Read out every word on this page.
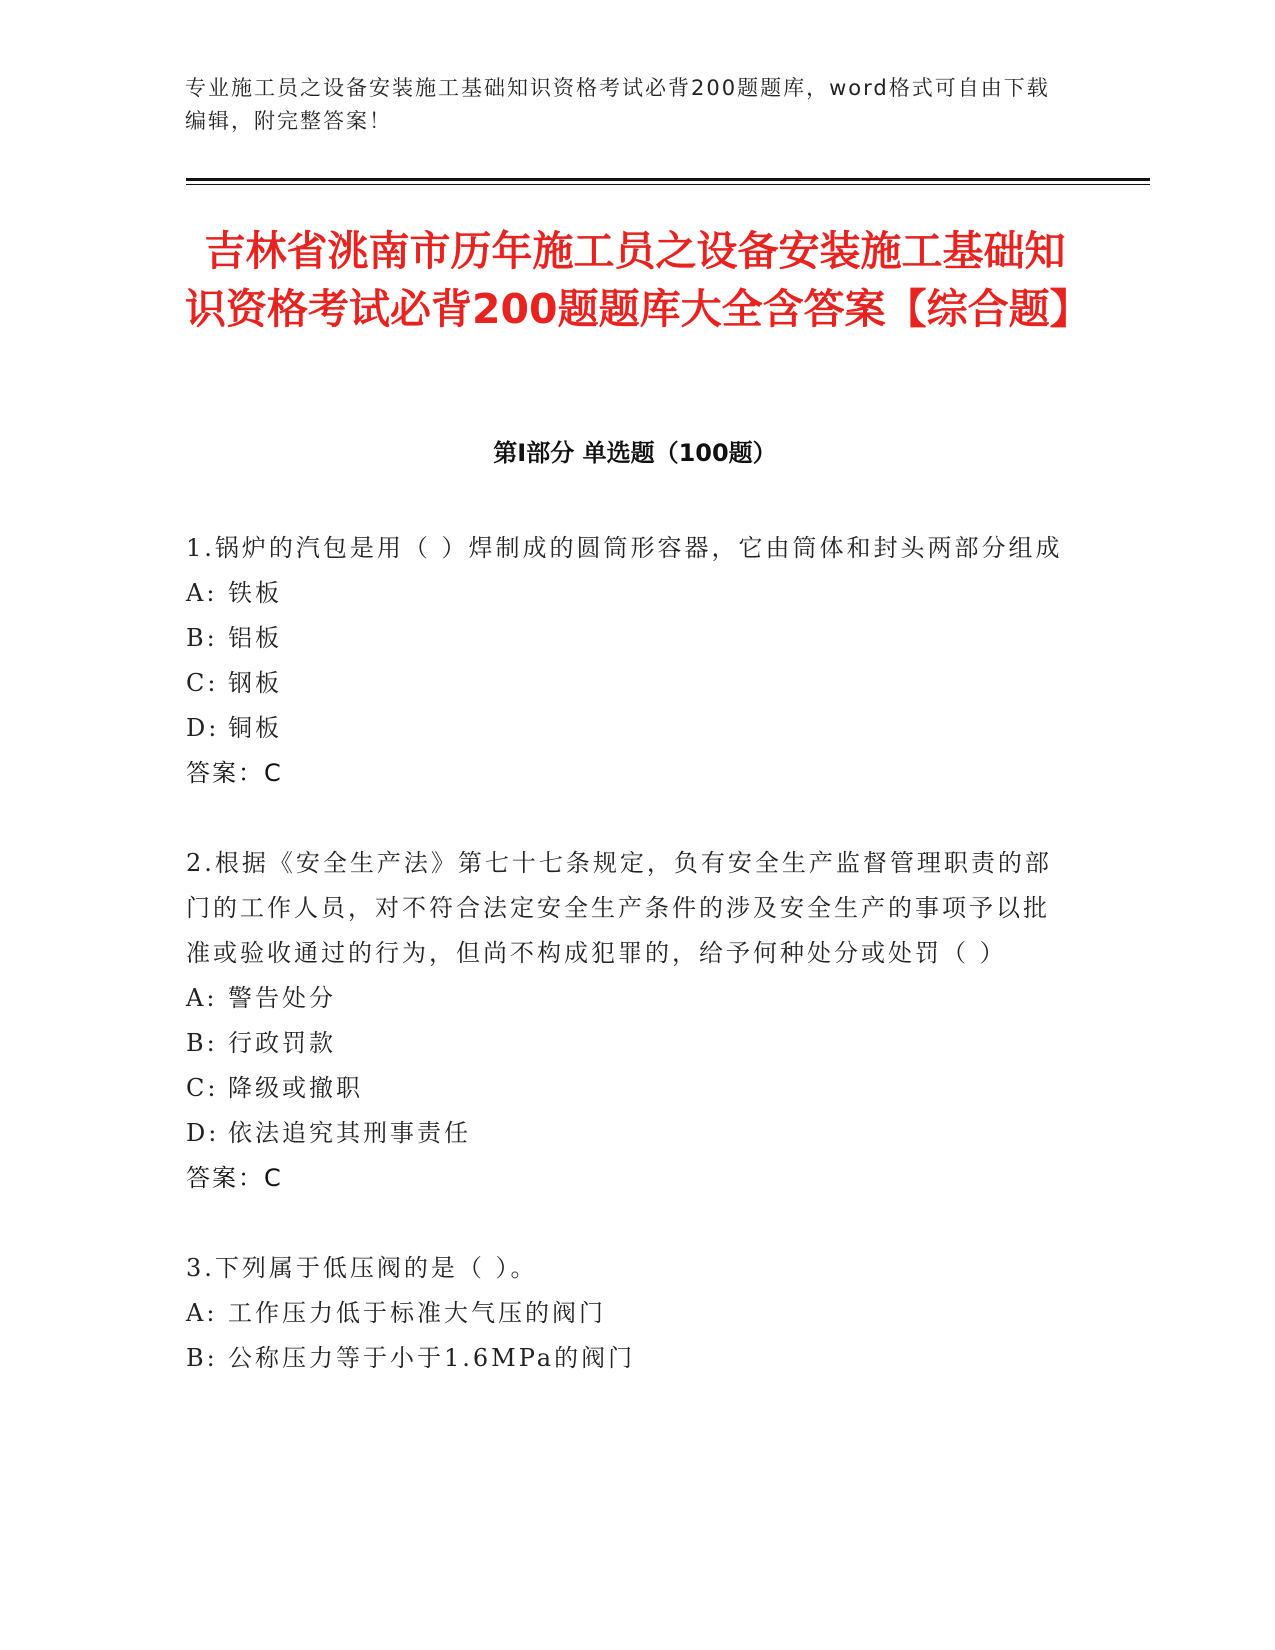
专业施工员之设备安装施工基础知识资格考试必背200题题库，word格式可自由下载编辑，附完整答案！
吉林省洮南市历年施工员之设备安装施工基础知识资格考试必背200题题库大全含答案【综合题】
第I部分 单选题（100题）

1.锅炉的汽包是用（ ）焊制成的圆筒形容器，它由筒体和封头两部分组成

A: 铁板

B: 铝板

C: 钢板

D: 铜板

答案：C

2.根据《安全生产法》第七十七条规定，负有安全生产监督管理职责的部门的工作人员，对不符合法定安全生产条件的涉及安全生产的事项予以批准或验收通过的行为，但尚不构成犯罪的，给予何种处分或处罚（ ）

A: 警告处分

B: 行政罚款

C: 降级或撤职

D: 依法追究其刑事责任

答案：C

3.下列属于低压阀的是（ ）。

A: 工作压力低于标准大气压的阀门

B: 公称压力等于小于1.6MPa的阀门
